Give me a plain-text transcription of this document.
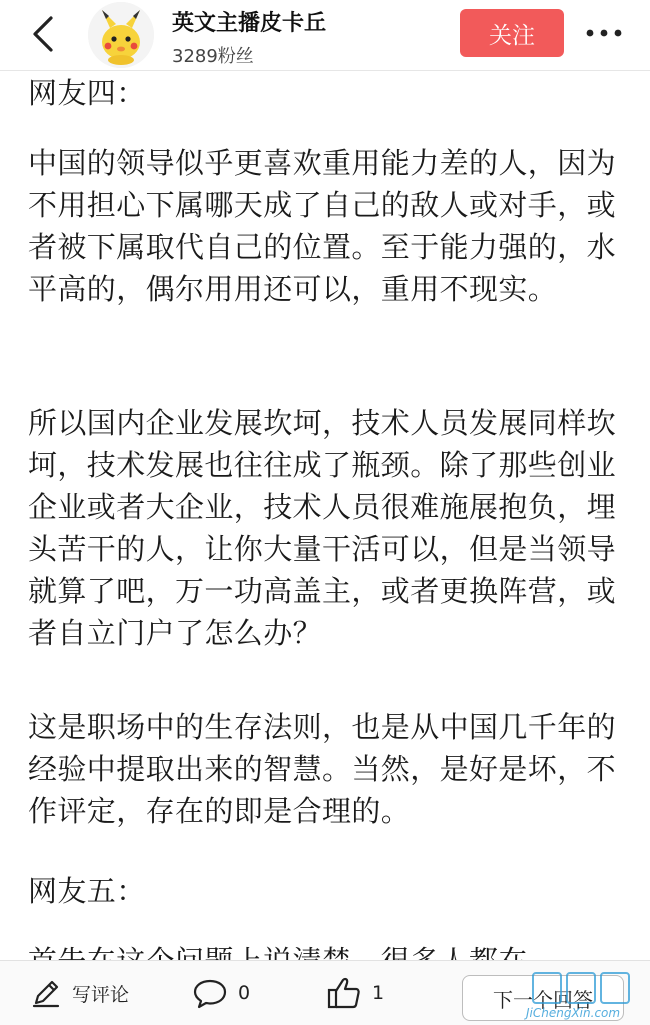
英文主播皮卡丘
3289粉丝
关注

网友四：

中国的领导似乎更喜欢重用能力差的人，因为不用担心下属哪天成了自己的敌人或对手，或者被下属取代自己的位置。至于能力强的，水平高的，偶尔用用还可以，重用不现实。

所以国内企业发展坎坷，技术人员发展同样坎坷，技术发展也往往成了瓶颈。除了那些创业企业或者大企业，技术人员很难施展抱负，埋头苦干的人，让你大量干活可以，但是当领导就算了吧，万一功高盖主，或者更换阵营，或者自立门户了怎么办？

这是职场中的生存法则，也是从中国几千年的经验中提取出来的智慧。当然，是好是坏，不作评定，存在的即是合理的。

网友五：

写评论	0	1	下一个回答
JiChengXin.com
